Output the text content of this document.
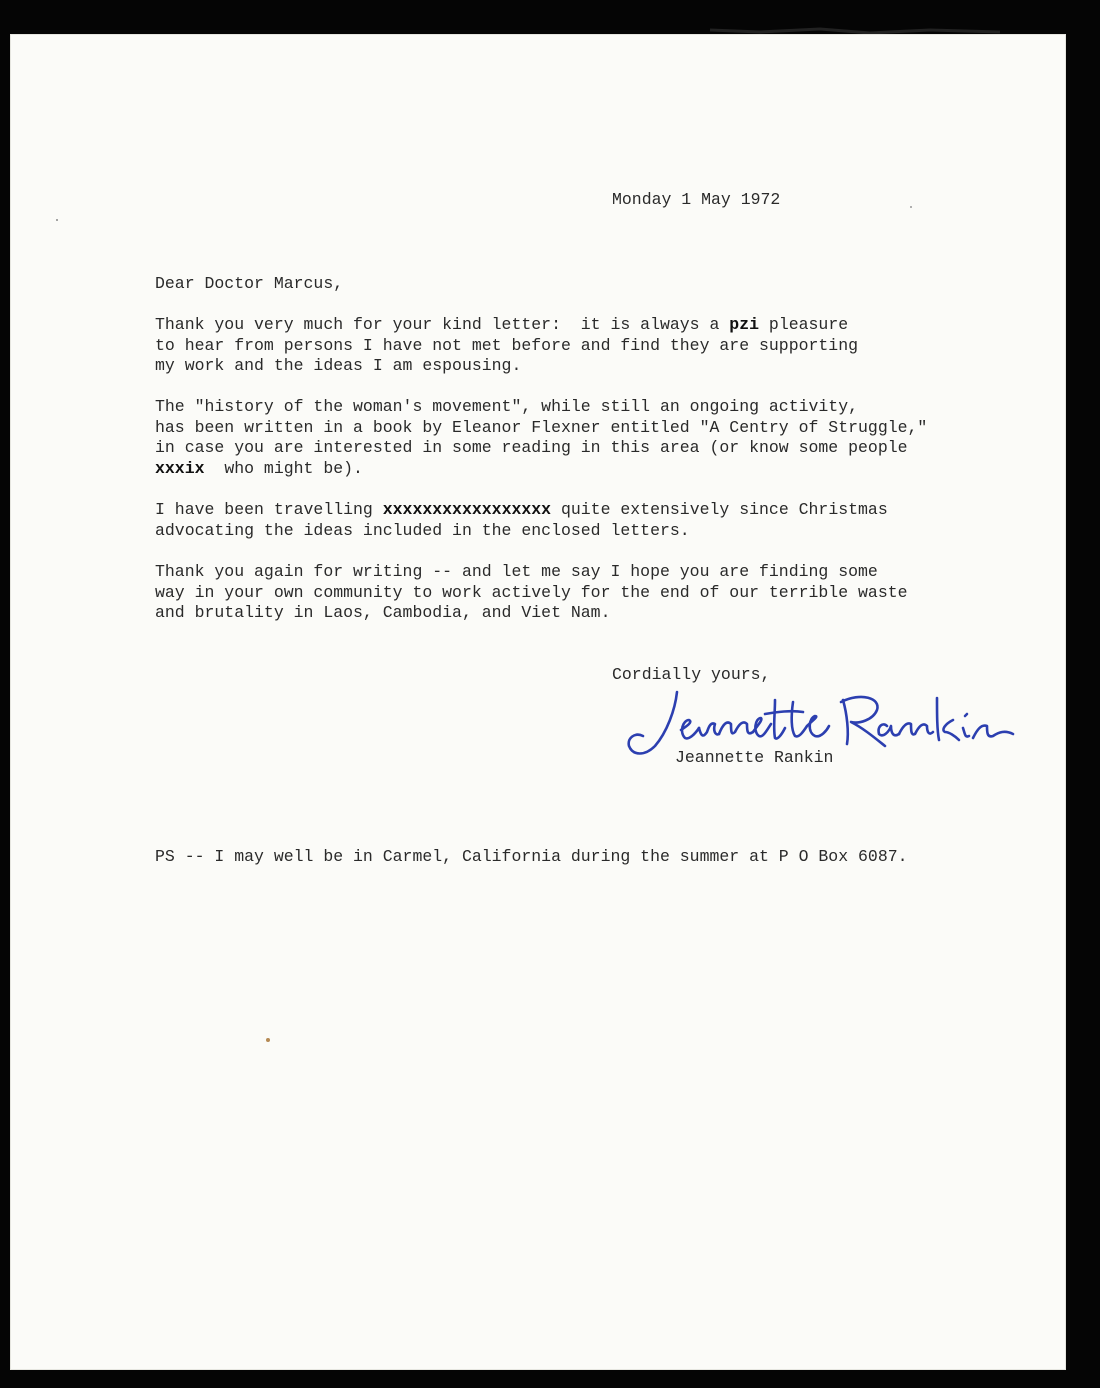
Monday 1 May 1972

Dear Doctor Marcus,

Thank you very much for your kind letter:  it is always a pzi pleasure
to hear from persons I have not met before and find they are supporting
my work and the ideas I am espousing.
The "history of the woman's movement", while still an ongoing activity,
has been written in a book by Eleanor Flexner entitled "A Centry of Struggle,"
in case you are interested in some reading in this area (or know some people
xxxix  who might be).
I have been travelling xxxxxxxxxxxxxxxxx quite extensively since Christmas
advocating the ideas included in the enclosed letters.
Thank you again for writing -- and let me say I hope you are finding some
way in your own community to work actively for the end of our terrible waste
and brutality in Laos, Cambodia, and Viet Nam.

Cordially yours,

Jeannette Rankin

PS -- I may well be in Carmel, California during the summer at P O Box 6087.
